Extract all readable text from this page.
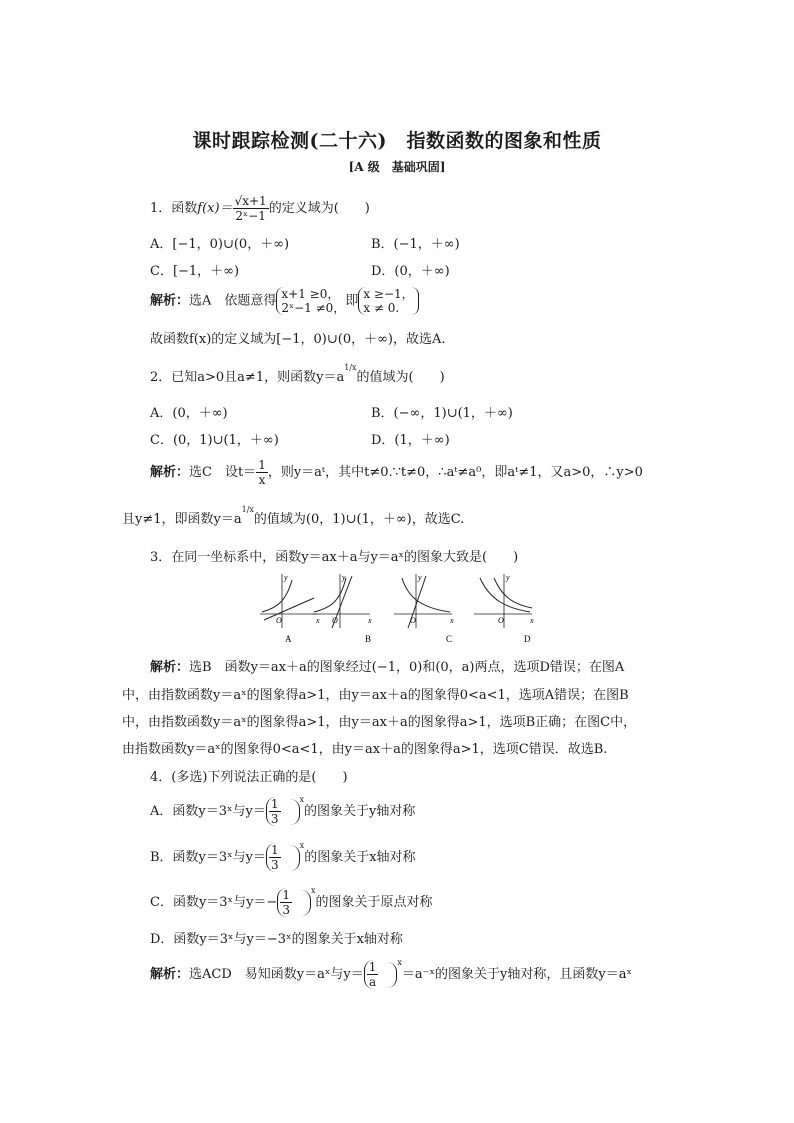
课时跟踪检测(二十六)　指数函数的图象和性质
[A 级　基础巩固]
1．函数$f(x)= \frac{√x+1}{\text{2ˣ−1}}$ 的定义域为(　　)
A．[−1，0)∪(0，＋∞)	B．(−1，＋∞)
C．[−1，＋∞)	D．(0，＋∞)
解析：选A　依题意得 x+1 ≥0，
2ˣ−1 ≠0， 即 x ≥−1，
x ≠ 0.
故函数f(x)的定义域为[−1，0)∪(0，＋∞)，故选A.
2．已知a>0且a≠1，则函数$y=a^{1/x}$的值域为(　　)
A．(0，＋∞)	B．(−∞，1)∪(1，＋∞)
C．(0，1)∪(1，＋∞)	D．(1，＋∞)
解析：选C　设$t= \frac{1}{x}$ ，则y＝aᵗ，其中t≠0.∵t≠0，∴aᵗ≠a⁰，即aᵗ≠1，又a>0，∴y>0
且y≠1，即函数$y=a^{1/x}$的值域为(0，1)∪(1，＋∞)，故选C.
3．在同一坐标系中，函数y＝ax＋a与y＝aˣ的图象大致是(　　)
O	O	O	O
x	x	x	x
y	y	y	y
A	B	C	D
解析：选B　函数y＝ax＋a的图象经过(−1，0)和(0，a)两点，选项D错误；在图A
中，由指数函数y＝aˣ的图象得a>1，由y＝ax＋a的图象得0<a<1，选项A错误；在图B
中，由指数函数y＝aˣ的图象得a>1，由y＝ax＋a的图象得a>1，选项B正确；在图C中，
由指数函数y＝aˣ的图象得0<a<1，由y＝ax＋a的图象得a>1，选项C错误．故选B.
4．(多选)下列说法正确的是(　　)
A．函数y＝3ˣ与$y= \frac{1}{3} ^x$的图象关于y轴对称
B．函数y＝3ˣ与$y= \frac{1}{3} ^x$的图象关于x轴对称
C．函数y＝3ˣ与$y=- \frac{1}{3} ^x$的图象关于原点对称
D．函数y＝3ˣ与y＝−3ˣ的图象关于x轴对称
解析：选ACD　易知函数y＝aˣ与$y= \frac{1}{a}$ $^x$＝a⁻ˣ的图象关于y轴对称，且函数y＝aˣ
